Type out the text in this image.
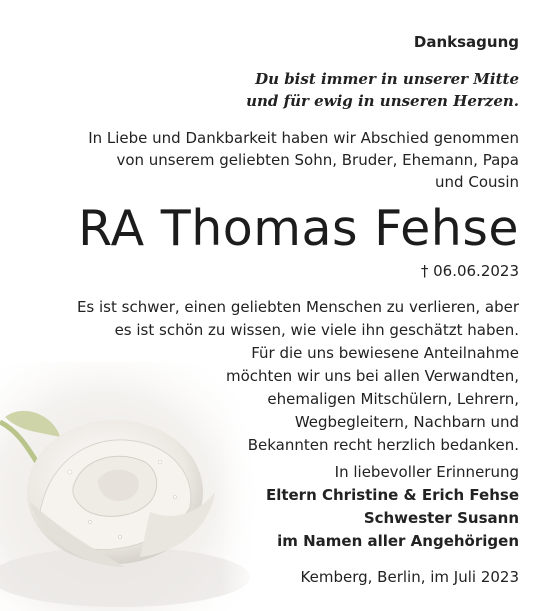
Danksagung
Du bist immer in unserer Mitte
und für ewig in unseren Herzen.
In Liebe und Dankbarkeit haben wir Abschied genommen
von unserem geliebten Sohn, Bruder, Ehemann, Papa
und Cousin
RA Thomas Fehse
† 06.06.2023
Es ist schwer, einen geliebten Menschen zu verlieren, aber
es ist schön zu wissen, wie viele ihn geschätzt haben.
Für die uns bewiesene Anteilnahme
möchten wir uns bei allen Verwandten,
ehemaligen Mitschülern, Lehrern,
Wegbegleitern, Nachbarn und
Bekannten recht herzlich bedanken.
In liebevoller Erinnerung
Eltern Christine & Erich Fehse
Schwester Susann
im Namen aller Angehörigen
Kemberg, Berlin, im Juli 2023
